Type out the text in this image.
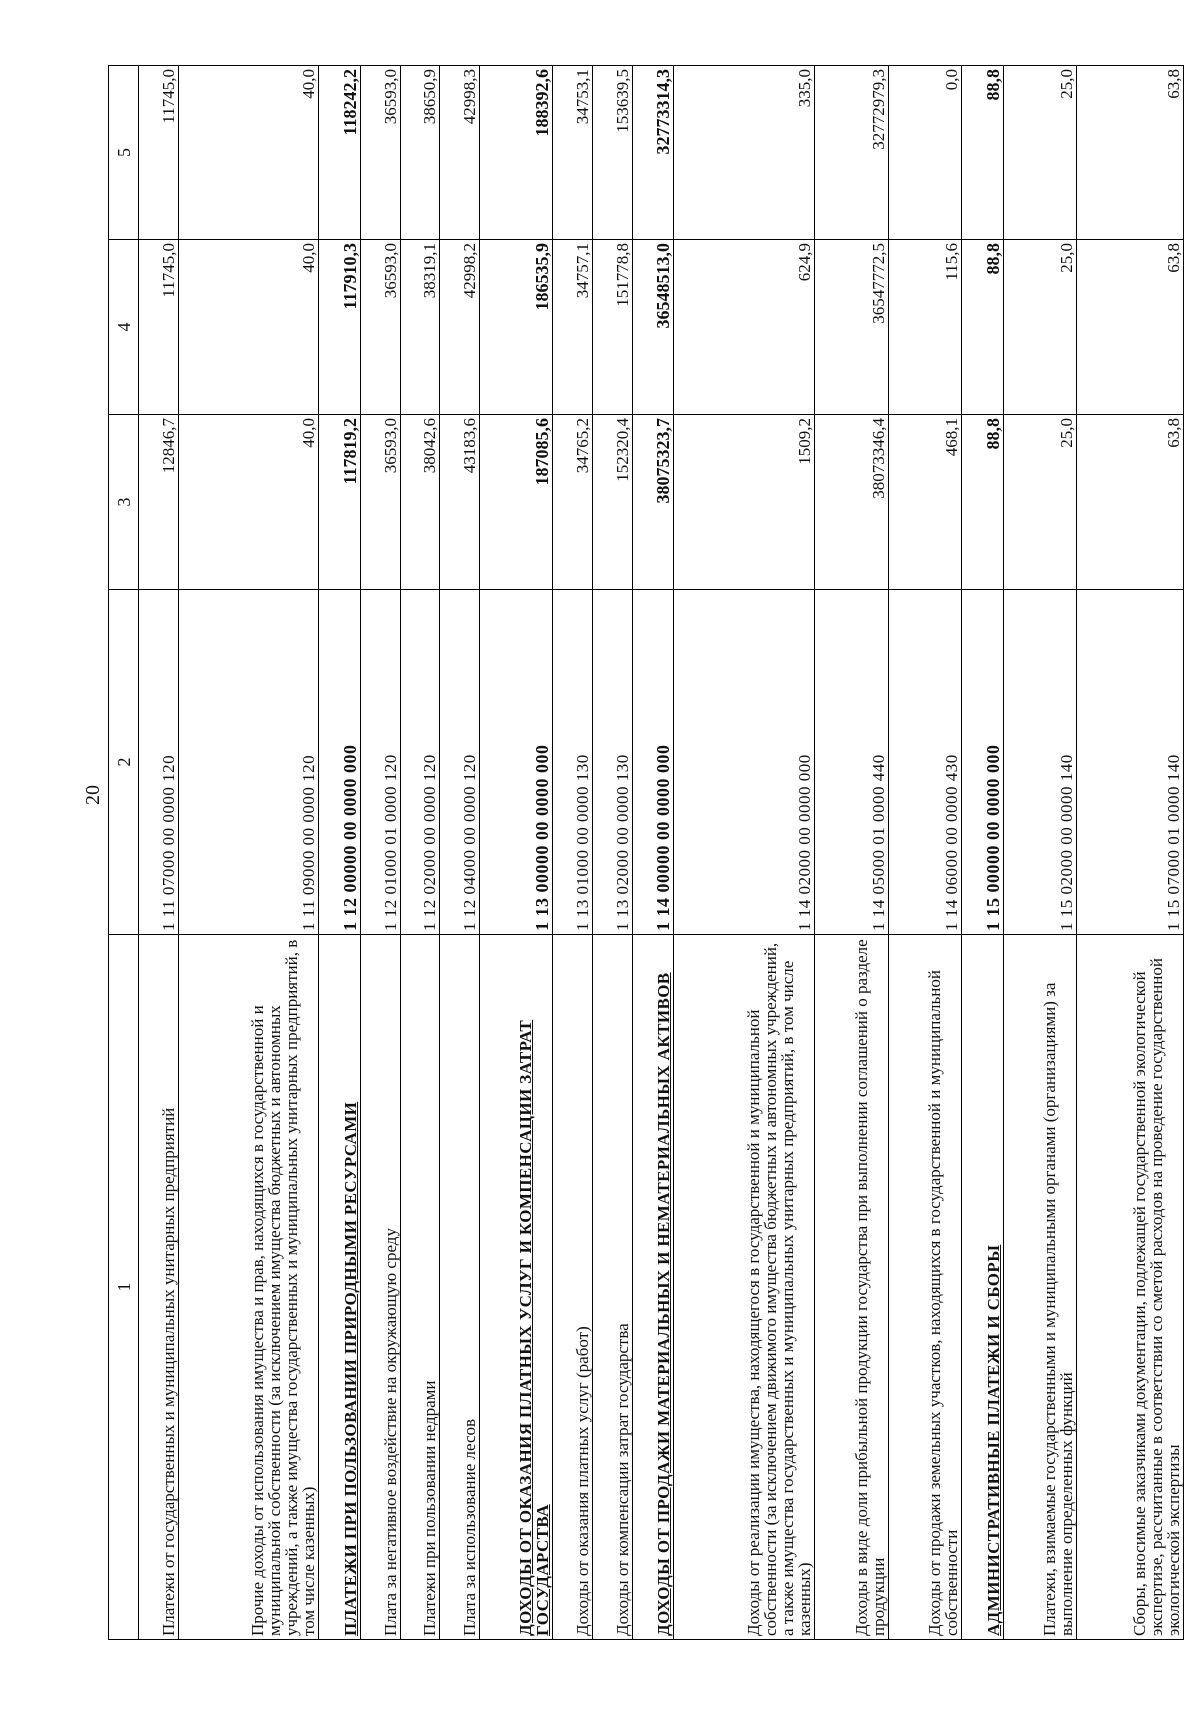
20
1	2	3	4	5
Платежи от государственных и муниципальных унитарных предприятий	1 11 07000 00 0000 120	12846,7	11745,0	11745,0
Прочие доходы от использования имущества и прав, находящихся в государственной и муниципальной собственности (за исключением имущества бюджетных и автономных учреждений, а также имущества государственных и муниципальных унитарных предприятий, в том числе казенных)	1 11 09000 00 0000 120	40,0	40,0	40,0
ПЛАТЕЖИ ПРИ ПОЛЬЗОВАНИИ ПРИРОДНЫМИ РЕСУРСАМИ	1 12 00000 00 0000 000	117819,2	117910,3	118242,2
Плата за негативное воздействие на окружающую среду	1 12 01000 01 0000 120	36593,0	36593,0	36593,0
Платежи при пользовании недрами	1 12 02000 00 0000 120	38042,6	38319,1	38650,9
Плата за использование лесов	1 12 04000 00 0000 120	43183,6	42998,2	42998,3
ДОХОДЫ ОТ ОКАЗАНИЯ ПЛАТНЫХ УСЛУГ И КОМПЕНСАЦИИ ЗАТРАТ ГОСУДАРСТВА	1 13 00000 00 0000 000	187085,6	186535,9	188392,6
Доходы от оказания платных услуг (работ)	1 13 01000 00 0000 130	34765,2	34757,1	34753,1
Доходы от компенсации затрат государства	1 13 02000 00 0000 130	152320,4	151778,8	153639,5
ДОХОДЫ ОТ ПРОДАЖИ МАТЕРИАЛЬНЫХ И НЕМАТЕРИАЛЬНЫХ АКТИВОВ	1 14 00000 00 0000 000	38075323,7	36548513,0	32773314,3
Доходы от реализации имущества, находящегося в государственной и муниципальной собственности (за исключением движимого имущества бюджетных и автономных учреждений, а также имущества государственных и муниципальных унитарных предприятий, в том числе казенных)	1 14 02000 00 0000 000	1509,2	624,9	335,0
Доходы в виде доли прибыльной продукции государства при выполнении соглашений о разделе продукции	1 14 05000 01 0000 440	38073346,4	36547772,5	32772979,3
Доходы от продажи земельных участков, находящихся в государственной и муниципальной собственности	1 14 06000 00 0000 430	468,1	115,6	0,0
АДМИНИСТРАТИВНЫЕ ПЛАТЕЖИ И СБОРЫ	1 15 00000 00 0000 000	88,8	88,8	88,8
Платежи, взимаемые государственными и муниципальными органами (организациями) за выполнение определенных функций	1 15 02000 00 0000 140	25,0	25,0	25,0
Сборы, вносимые заказчиками документации, подлежащей государственной экологической экспертизе, рассчитанные в соответствии со сметой расходов на проведение государственной экологической экспертизы	1 15 07000 01 0000 140	63,8	63,8	63,8
